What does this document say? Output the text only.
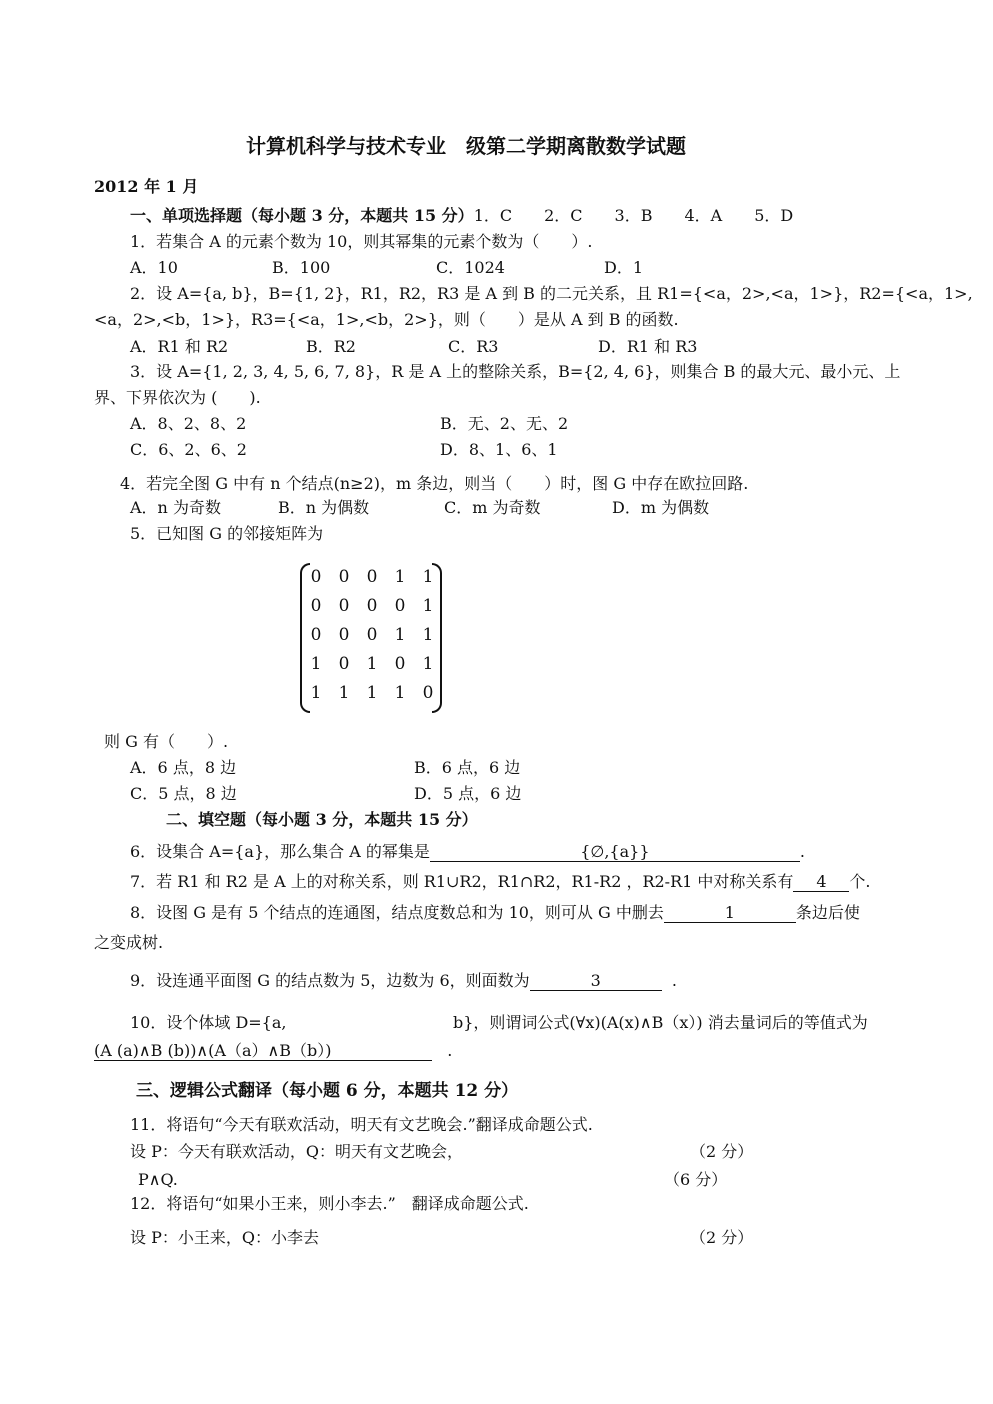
计算机科学与技术专业　级第二学期离散数学试题
2012 年 1 月
一、单项选择题（每小题 3 分，本题共 15 分）1．C　　2．C　　3．B　　4．A　　5．D
1．若集合 A 的元素个数为 10，则其幂集的元素个数为（　　）.
A．10	B．100	C．1024	D．1
2．设 A={a, b}，B={1, 2}，R1，R2，R3 是 A 到 B 的二元关系，且 R1={<a，2>,<a，1>}，R2={<a，1>,
<a，2>,<b，1>}，R3={<a，1>,<b，2>}，则（　　）是从 A 到 B 的函数.
A．R1 和 R2	B．R2	C．R3	D．R1 和 R3
3．设 A={1, 2, 3, 4, 5, 6, 7, 8}，R 是 A 上的整除关系，B={2, 4, 6}，则集合 B 的最大元、最小元、上
界、下界依次为 (　　).
A．8、2、8、2	B．无、2、无、2
C．6、2、6、2	D．8、1、6、1
4．若完全图 G 中有 n 个结点(n≥2)，m 条边，则当（　　）时，图 G 中存在欧拉回路.
A．n 为奇数	B．n 为偶数	C．m 为奇数	D．m 为偶数
5．已知图 G 的邻接矩阵为
0 0 0 1 1
0 0 0 0 1
0 0 0 1 1
1 0 1 0 1
1 1 1 1 0
则 G 有（　　）.
A．6 点，8 边	B．6 点，6 边
C．5 点，8 边	D．5 点，6 边
二、填空题（每小题 3 分，本题共 15 分）
6．设集合 A={a}，那么集合 A 的幂集是	{∅,{a}}	.
7．若 R1 和 R2 是 A 上的对称关系，则 R1∪R2，R1∩R2，R1-R2 ，R2-R1 中对称关系有 4 个.
8．设图 G 是有 5 个结点的连通图，结点度数总和为 10，则可从 G 中删去	1	条边后使
之变成树.
9．设连通平面图 G 的结点数为 5，边数为 6，则面数为	3	.
10．设个体域 D={a,	b}，则谓词公式(∀x)(A(x)∧B（x）) 消去量词后的等值式为
(A (a)∧B (b))∧(A（a）∧B（b）)	.
三、逻辑公式翻译（每小题 6 分，本题共 12 分）
11．将语句“今天有联欢活动，明天有文艺晚会.”翻译成命题公式.
设 P：今天有联欢活动，Q：明天有文艺晚会，	（2 分）
P∧Q.	（6 分）
12．将语句“如果小王来，则小李去.”　翻译成命题公式.
设 P：小王来，Q：小李去	（2 分）
